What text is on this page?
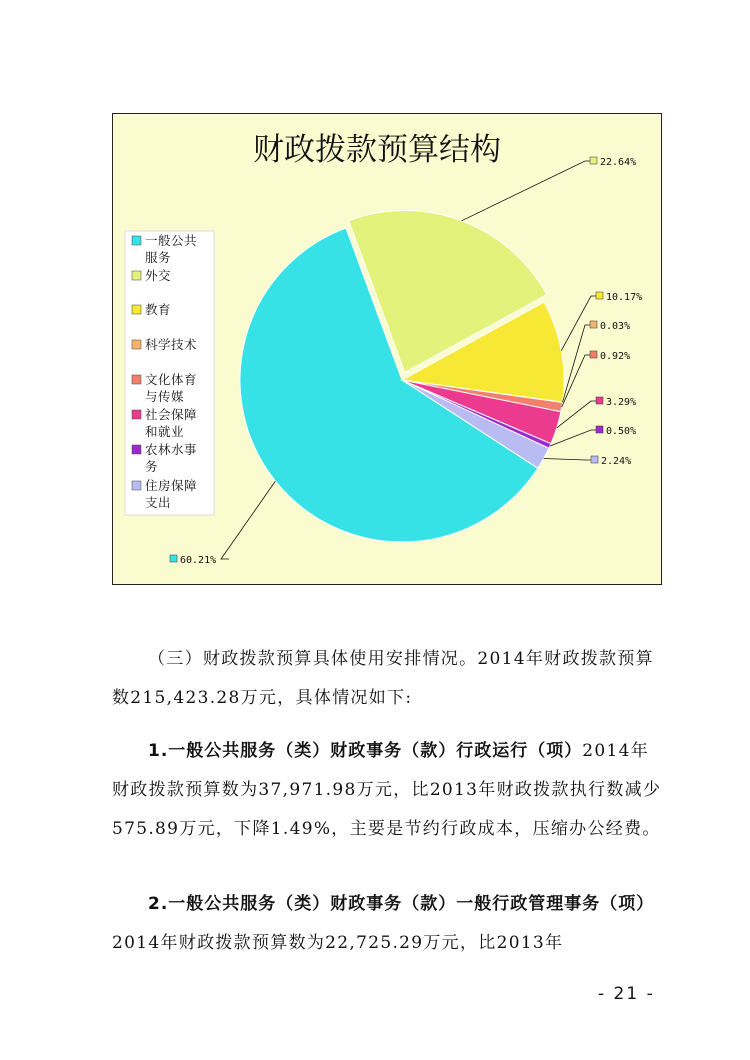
财政拨款预算结构
60.21%
22.64%
10.17%
0.03%
0.92%
3.29%
0.50%
2.24%
一般公共
服务
外交
教育
科学技术
文化体育
与传媒
社会保障
和就业
农林水事
务
住房保障
支出

（三）财政拨款预算具体使用安排情况。2014年财政拨款预算数215,423.28万元，具体情况如下:

1.一般公共服务（类）财政事务（款）行政运行（项）2014年财政拨款预算数为37,971.98万元，比2013年财政拨款执行数减少575.89万元，下降1.49%，主要是节约行政成本，压缩办公经费。

2.一般公共服务（类）财政事务（款）一般行政管理事务（项）2014年财政拨款预算数为22,725.29万元，比2013年

- 21 -
